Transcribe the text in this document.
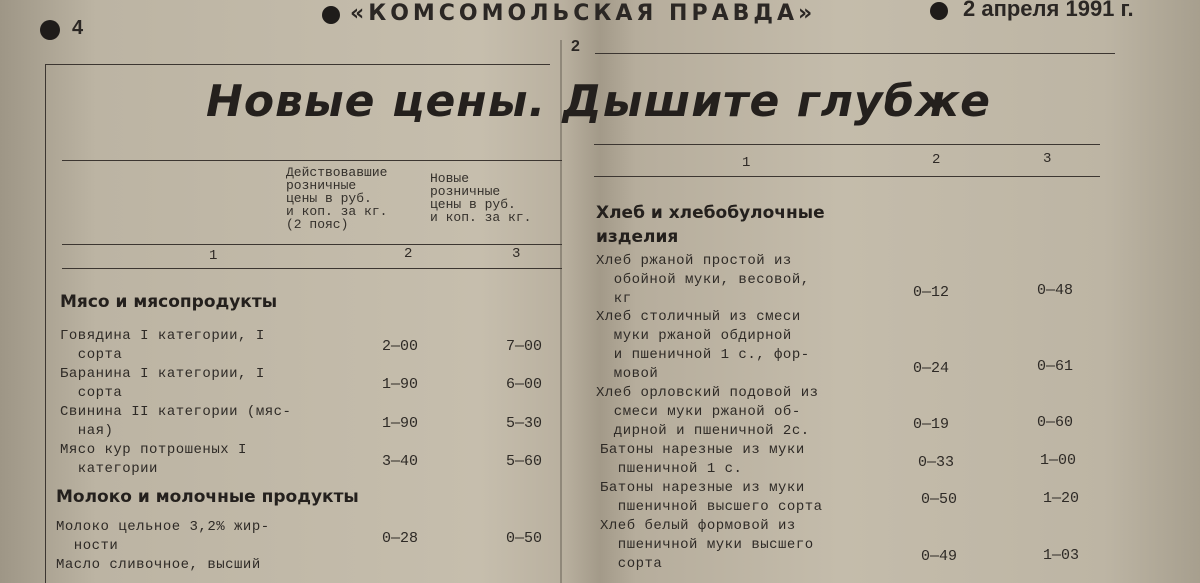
4
«КОМСОМОЛЬСКАЯ ПРАВДА»	2 апреля 1991 г.
2
Новые цены. Дышите глубже
Действовавшие
розничные
цены в руб.
и коп. за кг.
(2 пояс)
Новые
розничные
цены в руб.
и коп. за кг.
1	2	3
Мясо и мясопродукты
Говядина I категории, I
сорта	2—00	7—00
Баранина I категории, I
сорта	1—90	6—00
Свинина II категории (мяс-
ная)	1—90	5—30
Мясо кур потрошеных I
категории	3—40	5—60
Молоко и молочные продукты
Молоко цельное 3,2% жир-
ности	0—28	0—50
Масло сливочное, высший
1	2	3
Хлеб и хлебобулочные
изделия
Хлеб ржаной простой из
обойной муки, весовой,
кг	0—12	0—48
Хлеб столичный из смеси
муки ржаной обдирной
и пшеничной 1 с., фор-
мовой	0—24	0—61
Хлеб орловский подовой из
смеси муки ржаной об-
дирной и пшеничной 2с.	0—19	0—60
Батоны нарезные из муки
пшеничной 1 с.	0—33	1—00
Батоны нарезные из муки
пшеничной высшего сорта	0—50	1—20
Хлеб белый формовой из
пшеничной муки высшего
сорта	0—49	1—03
